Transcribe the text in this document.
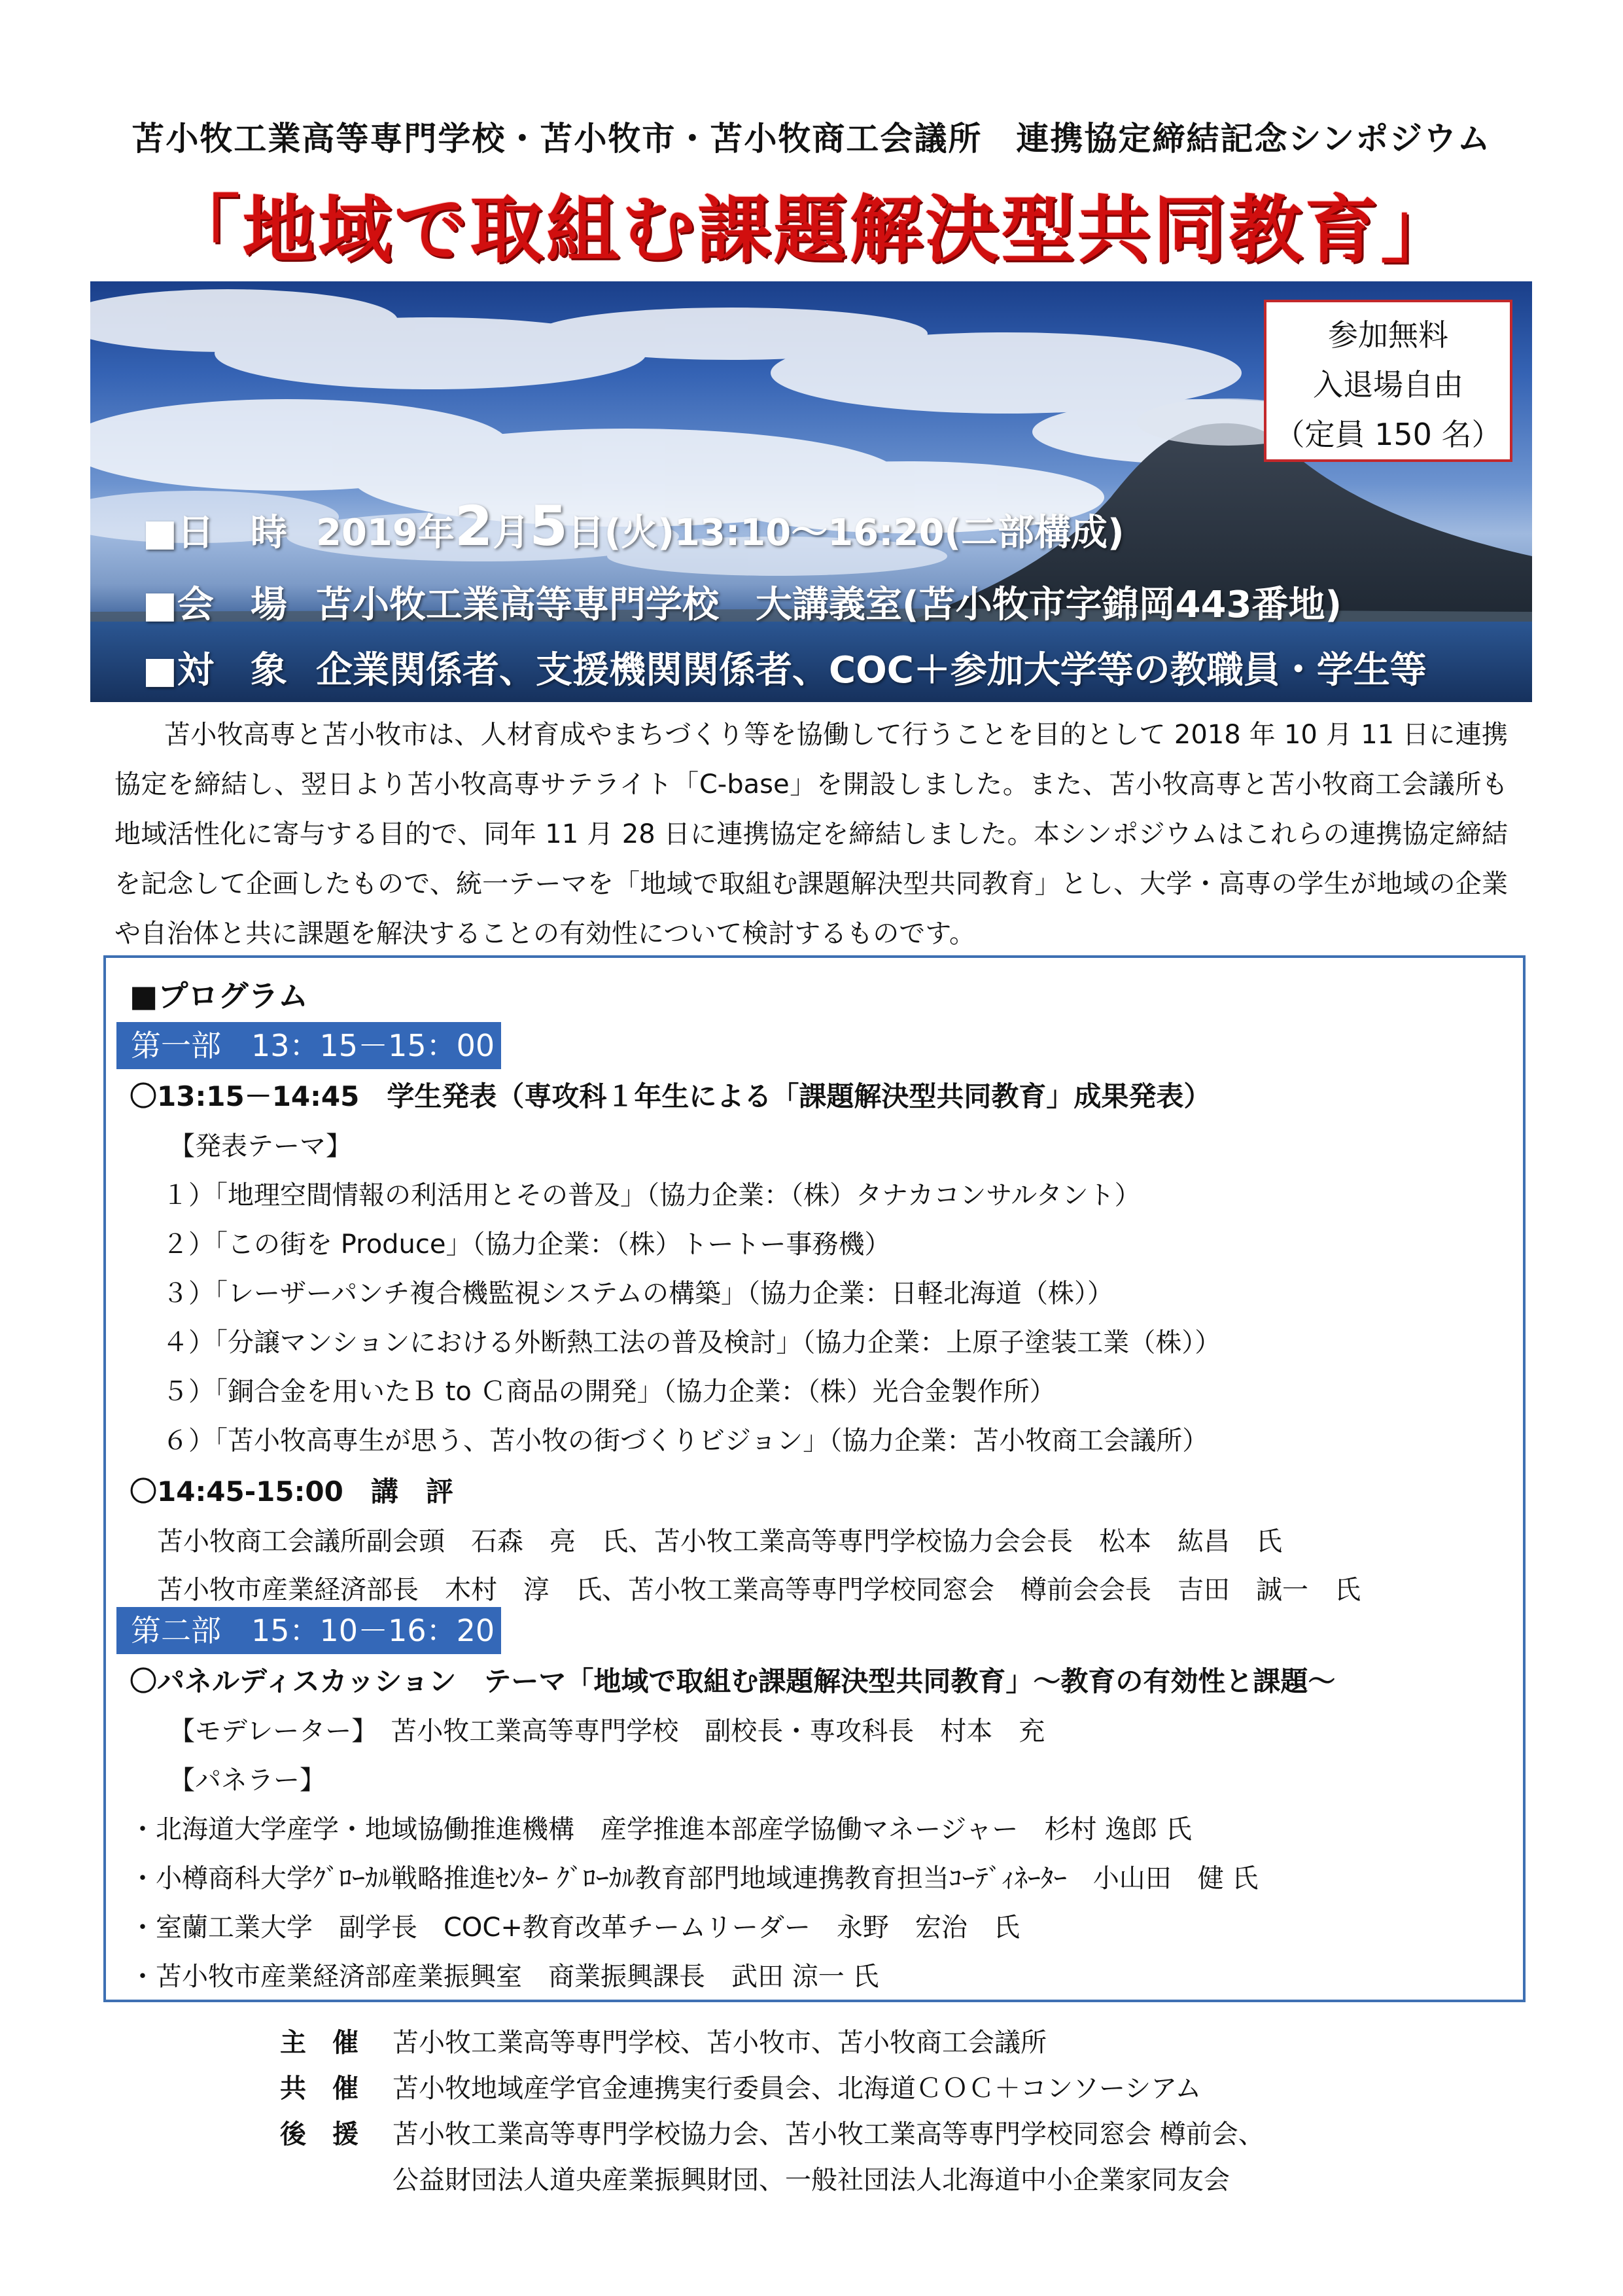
苫小牧工業高等専門学校・苫小牧市・苫小牧商工会議所　連携協定締結記念シンポジウム
「地域で取組む課題解決型共同教育」
参加無料
入退場自由
（定員 150 名）
■日　時 2019年2月5日(火)13:10～16:20(二部構成)
■会　場 苫小牧工業高等専門学校　大講義室(苫小牧市字錦岡443番地)
■対　象 企業関係者、支援機関関係者、COC＋参加大学等の教職員・学生等
苫小牧高専と苫小牧市は、人材育成やまちづくり等を協働して行うことを目的として 2018 年 10 月 11 日に連携協定を締結し、翌日より苫小牧高専サテライト「C-base」を開設しました。また、苫小牧高専と苫小牧商工会議所も地域活性化に寄与する目的で、同年 11 月 28 日に連携協定を締結しました。本シンポジウムはこれらの連携協定締結を記念して企画したもので、統一テーマを「地域で取組む課題解決型共同教育」とし、大学・高専の学生が地域の企業や自治体と共に課題を解決することの有効性について検討するものです。
■プログラム
第一部　13：15－15：00
〇13:15－14:45　学生発表（専攻科１年生による「課題解決型共同教育」成果発表）
【発表テーマ】
１）「地理空間情報の利活用とその普及」（協力企業：（株）タナカコンサルタント）
２）「この街を Produce」（協力企業：（株）トートー事務機）
３）「レーザーパンチ複合機監視システムの構築」（協力企業：日軽北海道（株））
４）「分譲マンションにおける外断熱工法の普及検討」（協力企業：上原子塗装工業（株））
５）「銅合金を用いたＢ to Ｃ商品の開発」（協力企業：（株）光合金製作所）
６）「苫小牧高専生が思う、苫小牧の街づくりビジョン」（協力企業：苫小牧商工会議所）
〇14:45-15:00　講　評
苫小牧商工会議所副会頭　石森　亮　氏、苫小牧工業高等専門学校協力会会長　松本　紘昌　氏
苫小牧市産業経済部長　木村　淳　氏、苫小牧工業高等専門学校同窓会　樽前会会長　吉田　誠一　氏
第二部　15：10－16：20
〇パネルディスカッション　テーマ「地域で取組む課題解決型共同教育」～教育の有効性と課題～
【モデレーター】　苫小牧工業高等専門学校　副校長・専攻科長　村本　充
【パネラー】
・北海道大学産学・地域協働推進機構　産学推進本部産学協働マネージャー　杉村 逸郎 氏
・小樽商科大学ｸﾞﾛｰｶﾙ戦略推進ｾﾝﾀｰ ｸﾞﾛｰｶﾙ教育部門地域連携教育担当ｺｰﾃﾞｨﾈｰﾀｰ　小山田　健 氏
・室蘭工業大学　副学長　COC+教育改革チームリーダー　永野　宏治　氏
・苫小牧市産業経済部産業振興室　商業振興課長　武田 涼一 氏
主　催 苫小牧工業高等専門学校、苫小牧市、苫小牧商工会議所
共　催 苫小牧地域産学官金連携実行委員会、北海道ＣＯＣ＋コンソーシアム
後　援 苫小牧工業高等専門学校協力会、苫小牧工業高等専門学校同窓会 樽前会、
公益財団法人道央産業振興財団、一般社団法人北海道中小企業家同友会
